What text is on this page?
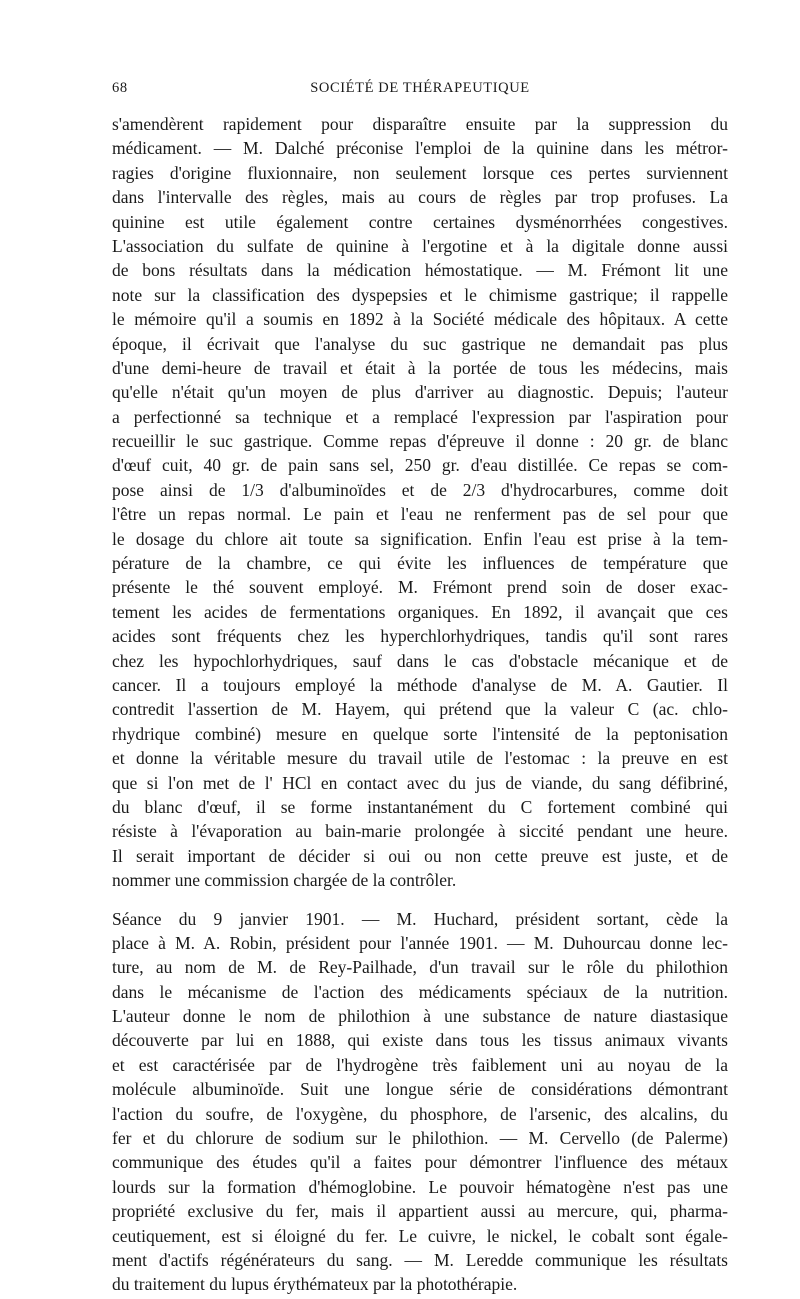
68	SOCIÉTÉ DE THÉRAPEUTIQUE
s'amendèrent rapidement pour disparaître ensuite par la suppression du
médicament. — M. Dalché préconise l'emploi de la quinine dans les métror-
ragies d'origine fluxionnaire, non seulement lorsque ces pertes surviennent
dans l'intervalle des règles, mais au cours de règles par trop profuses. La
quinine est utile également contre certaines dysménorrhées congestives.
L'association du sulfate de quinine à l'ergotine et à la digitale donne aussi
de bons résultats dans la médication hémostatique. — M. Frémont lit une
note sur la classification des dyspepsies et le chimisme gastrique; il rappelle
le mémoire qu'il a soumis en 1892 à la Société médicale des hôpitaux. A cette
époque, il écrivait que l'analyse du suc gastrique ne demandait pas plus
d'une demi-heure de travail et était à la portée de tous les médecins, mais
qu'elle n'était qu'un moyen de plus d'arriver au diagnostic. Depuis; l'auteur
a perfectionné sa technique et a remplacé l'expression par l'aspiration pour
recueillir le suc gastrique. Comme repas d'épreuve il donne : 20 gr. de blanc
d'œuf cuit, 40 gr. de pain sans sel, 250 gr. d'eau distillée. Ce repas se com-
pose ainsi de 1/3 d'albuminoïdes et de 2/3 d'hydrocarbures, comme doit
l'être un repas normal. Le pain et l'eau ne renferment pas de sel pour que
le dosage du chlore ait toute sa signification. Enfin l'eau est prise à la tem-
pérature de la chambre, ce qui évite les influences de température que
présente le thé souvent employé. M. Frémont prend soin de doser exac-
tement les acides de fermentations organiques. En 1892, il avançait que ces
acides sont fréquents chez les hyperchlorhydriques, tandis qu'il sont rares
chez les hypochlorhydriques, sauf dans le cas d'obstacle mécanique et de
cancer. Il a toujours employé la méthode d'analyse de M. A. Gautier. Il
contredit l'assertion de M. Hayem, qui prétend que la valeur C (ac. chlo-
rhydrique combiné) mesure en quelque sorte l'intensité de la peptonisation
et donne la véritable mesure du travail utile de l'estomac : la preuve en est
que si l'on met de l' HCl en contact avec du jus de viande, du sang défibriné,
du blanc d'œuf, il se forme instantanément du C fortement combiné qui
résiste à l'évaporation au bain-marie prolongée à siccité pendant une heure.
Il serait important de décider si oui ou non cette preuve est juste, et de
nommer une commission chargée de la contrôler.
Séance du 9 janvier 1901. — M. Huchard, président sortant, cède la
place à M. A. Robin, président pour l'année 1901. — M. Duhourcau donne lec-
ture, au nom de M. de Rey-Pailhade, d'un travail sur le rôle du philothion
dans le mécanisme de l'action des médicaments spéciaux de la nutrition.
L'auteur donne le nom de philothion à une substance de nature diastasique
découverte par lui en 1888, qui existe dans tous les tissus animaux vivants
et est caractérisée par de l'hydrogène très faiblement uni au noyau de la
molécule albuminoïde. Suit une longue série de considérations démontrant
l'action du soufre, de l'oxygène, du phosphore, de l'arsenic, des alcalins, du
fer et du chlorure de sodium sur le philothion. — M. Cervello (de Palerme)
communique des études qu'il a faites pour démontrer l'influence des métaux
lourds sur la formation d'hémoglobine. Le pouvoir hématogène n'est pas une
propriété exclusive du fer, mais il appartient aussi au mercure, qui, pharma-
ceutiquement, est si éloigné du fer. Le cuivre, le nickel, le cobalt sont égale-
ment d'actifs régénérateurs du sang. — M. Leredde communique les résultats
du traitement du lupus érythémateux par la photothérapie.
